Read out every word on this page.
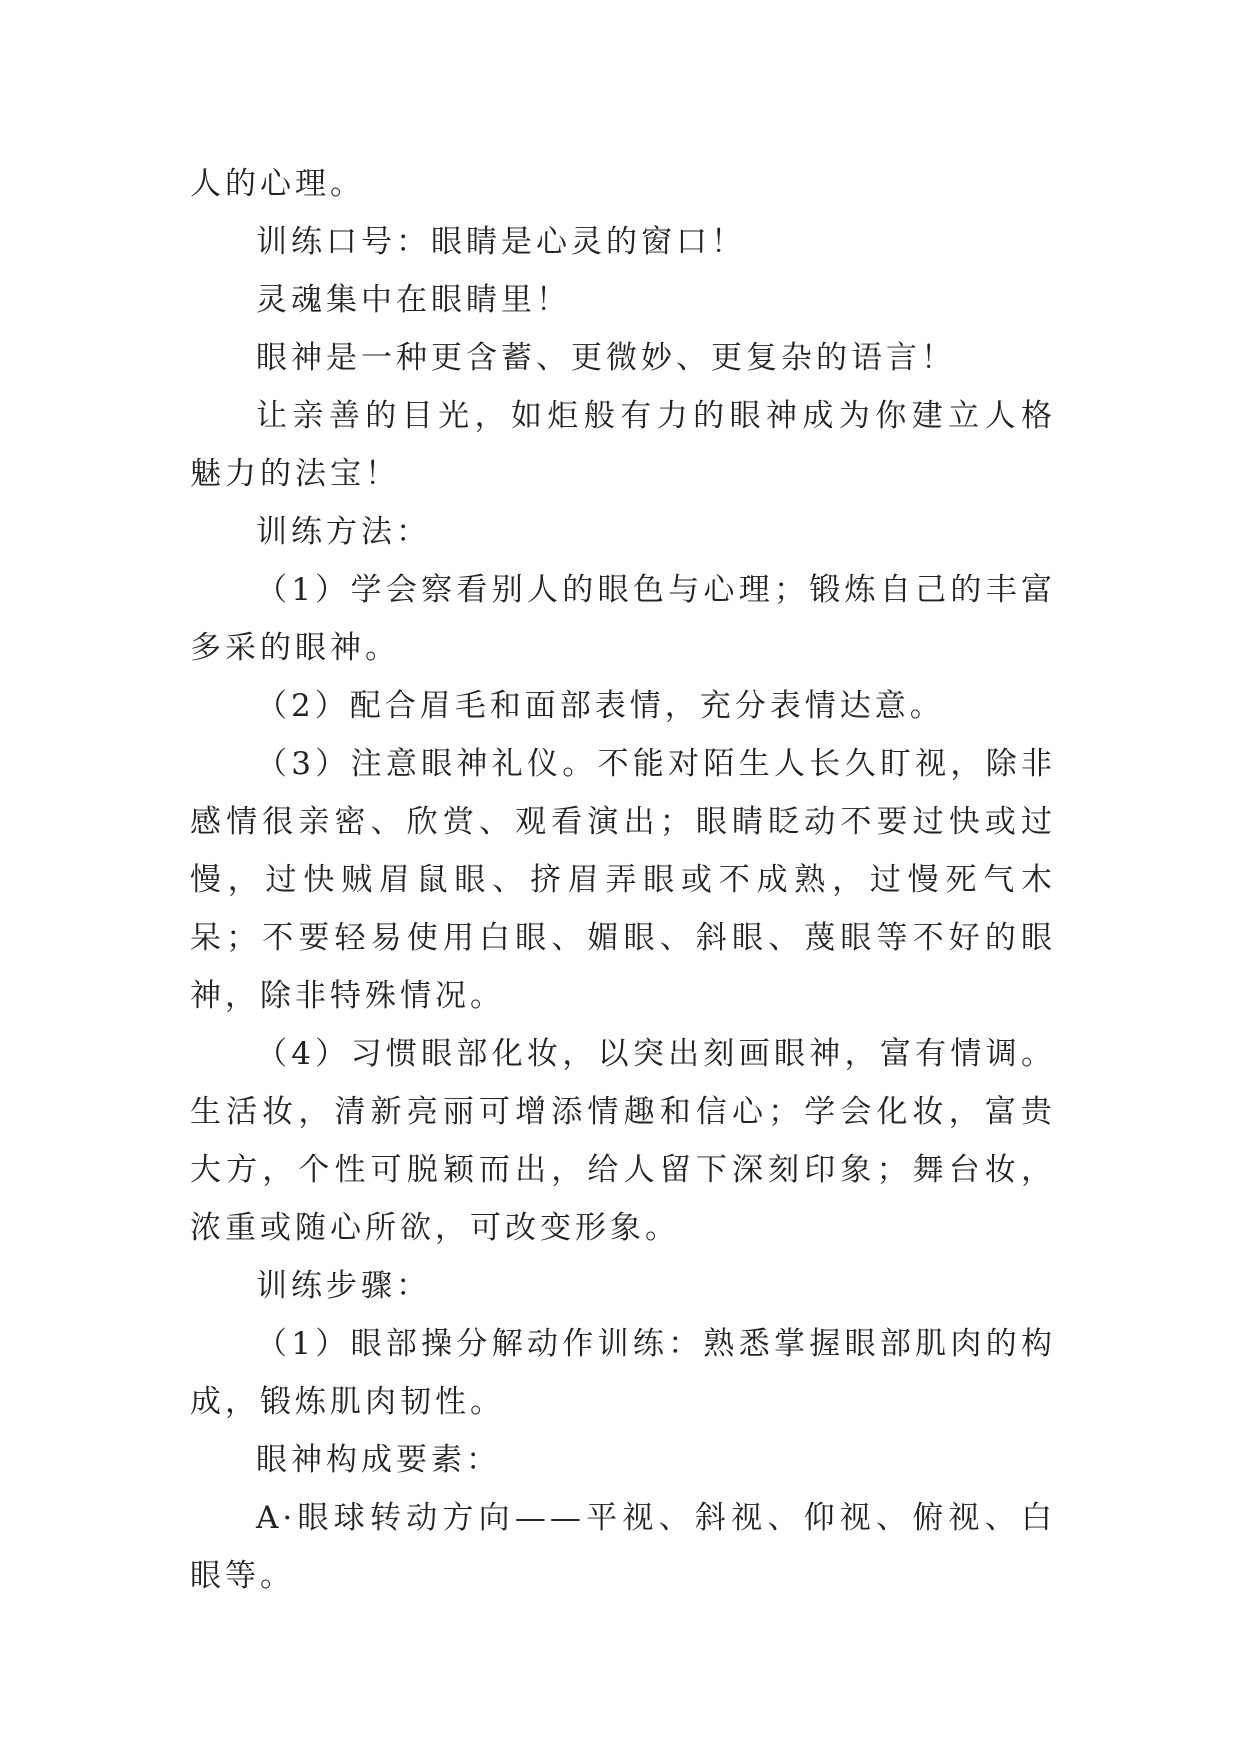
人的心理。

训练口号：眼睛是心灵的窗口！

灵魂集中在眼睛里！

眼神是一种更含蓄、更微妙、更复杂的语言！

让亲善的目光，如炬般有力的眼神成为你建立人格魅力的法宝！

训练方法：

（1）学会察看别人的眼色与心理；锻炼自己的丰富多采的眼神。

（2）配合眉毛和面部表情，充分表情达意。

（3）注意眼神礼仪。不能对陌生人长久盯视，除非感情很亲密、欣赏、观看演出；眼睛眨动不要过快或过慢，过快贼眉鼠眼、挤眉弄眼或不成熟，过慢死气木呆；不要轻易使用白眼、媚眼、斜眼、蔑眼等不好的眼神，除非特殊情况。

（4）习惯眼部化妆，以突出刻画眼神，富有情调。生活妆，清新亮丽可增添情趣和信心；学会化妆，富贵大方，个性可脱颖而出，给人留下深刻印象；舞台妆，浓重或随心所欲，可改变形象。

训练步骤：

（1）眼部操分解动作训练：熟悉掌握眼部肌肉的构成，锻炼肌肉韧性。

眼神构成要素：

A·眼球转动方向——平视、斜视、仰视、俯视、白眼等。
